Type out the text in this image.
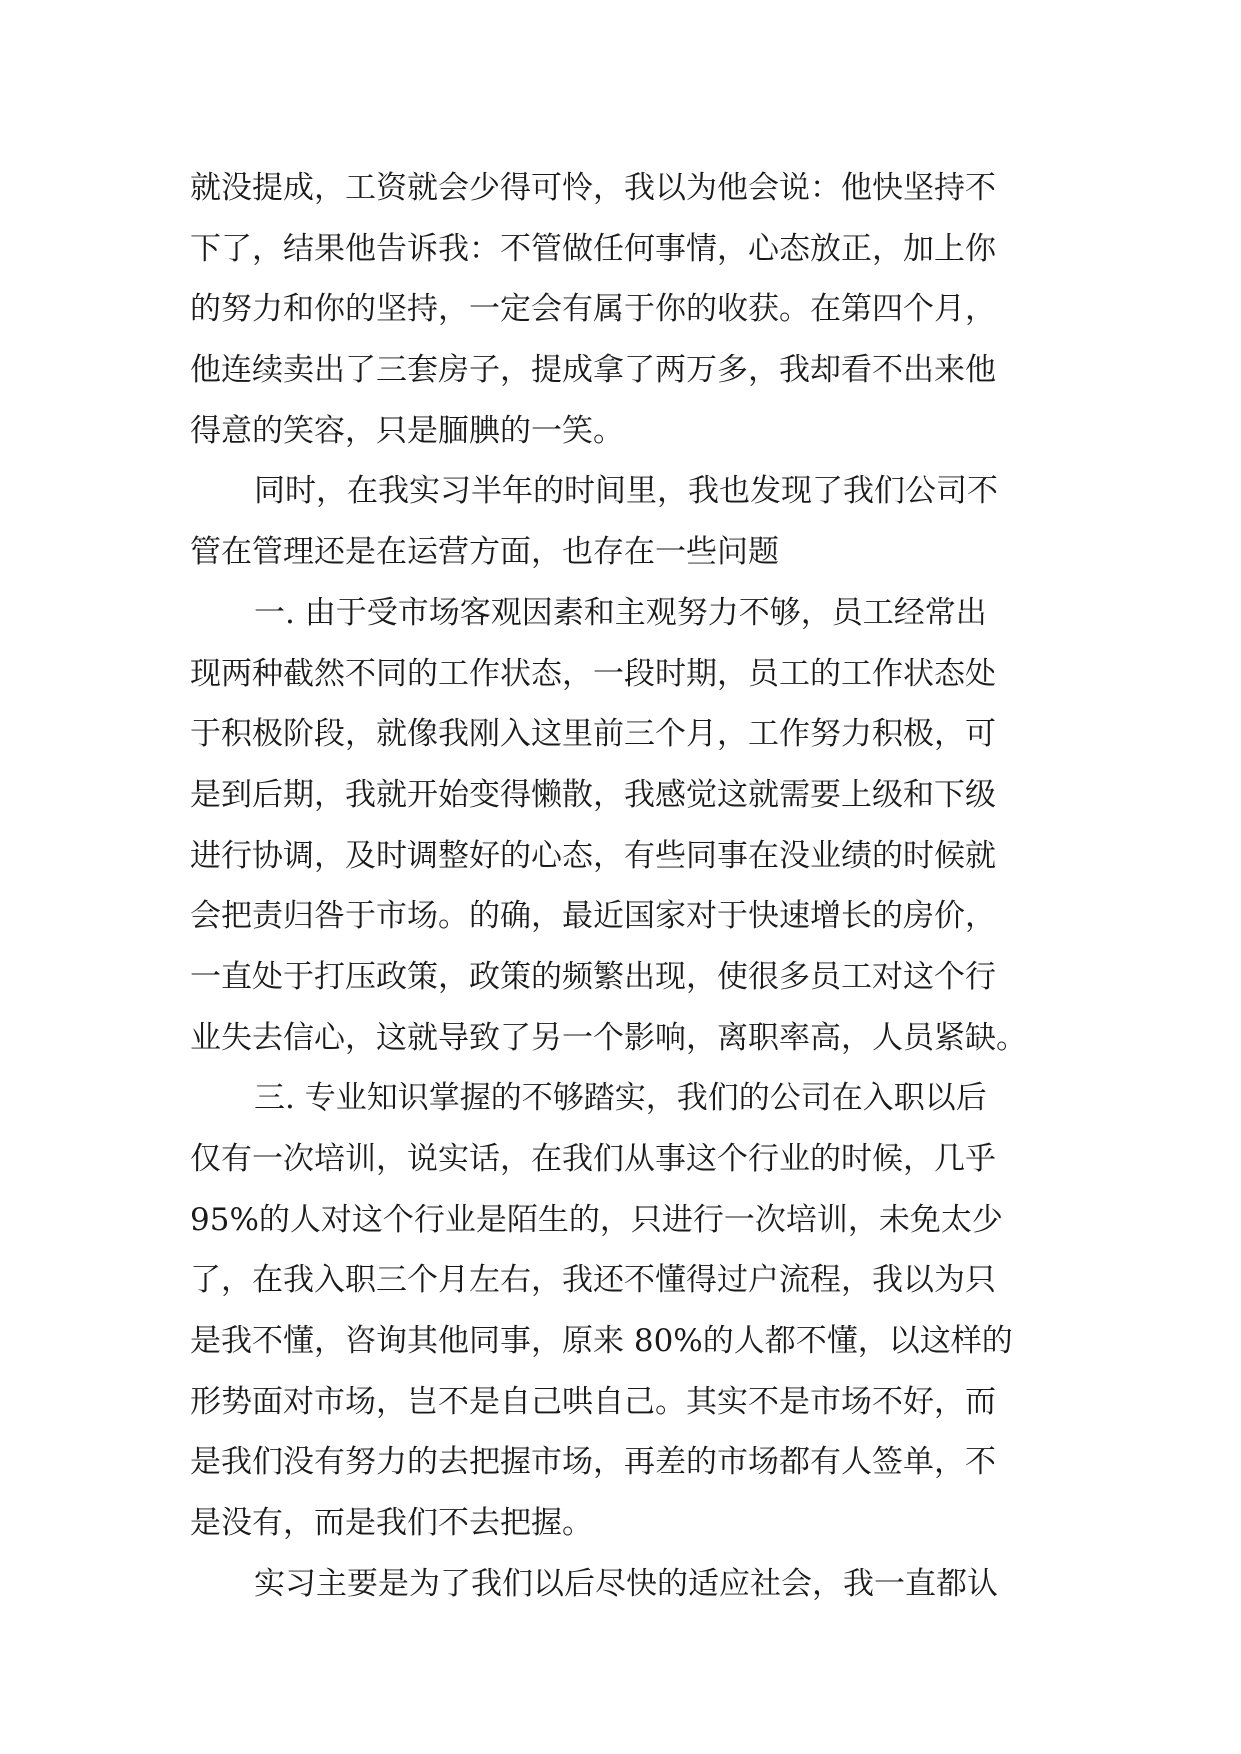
就没提成，工资就会少得可怜，我以为他会说：他快坚持不
下了，结果他告诉我：不管做任何事情，心态放正，加上你
的努力和你的坚持，一定会有属于你的收获。在第四个月，
他连续卖出了三套房子，提成拿了两万多，我却看不出来他
得意的笑容，只是腼腆的一笑。
同时，在我实习半年的时间里，我也发现了我们公司不
管在管理还是在运营方面，也存在一些问题
一. 由于受市场客观因素和主观努力不够，员工经常出
现两种截然不同的工作状态，一段时期，员工的工作状态处
于积极阶段，就像我刚入这里前三个月，工作努力积极，可
是到后期，我就开始变得懒散，我感觉这就需要上级和下级
进行协调，及时调整好的心态，有些同事在没业绩的时候就
会把责归咎于市场。的确，最近国家对于快速增长的房价，
一直处于打压政策，政策的频繁出现，使很多员工对这个行
业失去信心，这就导致了另一个影响，离职率高，人员紧缺。
三. 专业知识掌握的不够踏实，我们的公司在入职以后
仅有一次培训，说实话，在我们从事这个行业的时候，几乎
95%的人对这个行业是陌生的，只进行一次培训，未免太少
了，在我入职三个月左右，我还不懂得过户流程，我以为只
是我不懂，咨询其他同事，原来 80%的人都不懂，以这样的
形势面对市场，岂不是自己哄自己。其实不是市场不好，而
是我们没有努力的去把握市场，再差的市场都有人签单，不
是没有，而是我们不去把握。
实习主要是为了我们以后尽快的适应社会，我一直都认
